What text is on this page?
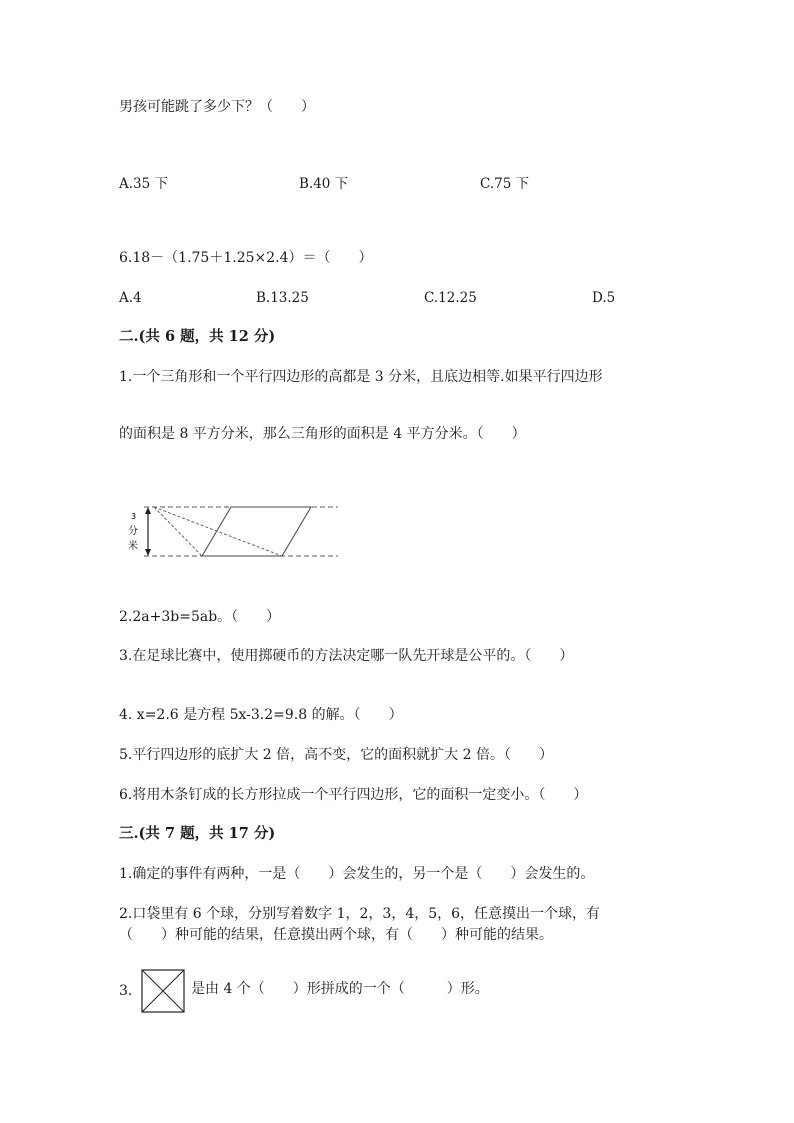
男孩可能跳了多少下？（　　）
A.35 下	B.40 下	C.75 下
6.18－（1.75＋1.25×2.4）＝（　　）
A.4	B.13.25	C.12.25	D.5
二.(共 6 题，共 12 分)
1.一个三角形和一个平行四边形的高都是 3 分米，且底边相等.如果平行四边形
的面积是 8 平方分米，那么三角形的面积是 4 平方分米。（　　）
3
分
米
2.2a+3b=5ab。（　　）
3.在足球比赛中，使用掷硬币的方法决定哪一队先开球是公平的。（　　）
4. x=2.6 是方程 5x-3.2=9.8 的解。（　　）
5.平行四边形的底扩大 2 倍，高不变，它的面积就扩大 2 倍。（　　）
6.将用木条钉成的长方形拉成一个平行四边形，它的面积一定变小。（　　）
三.(共 7 题，共 17 分)
1.确定的事件有两种，一是（　　）会发生的，另一个是（　　）会发生的。
2.口袋里有 6 个球，分别写着数字 1，2，3，4，5，6，任意摸出一个球，有
（　　）种可能的结果，任意摸出两个球，有（　　）种可能的结果。
3.	是由 4 个（　　）形拼成的一个（　　　）形。
